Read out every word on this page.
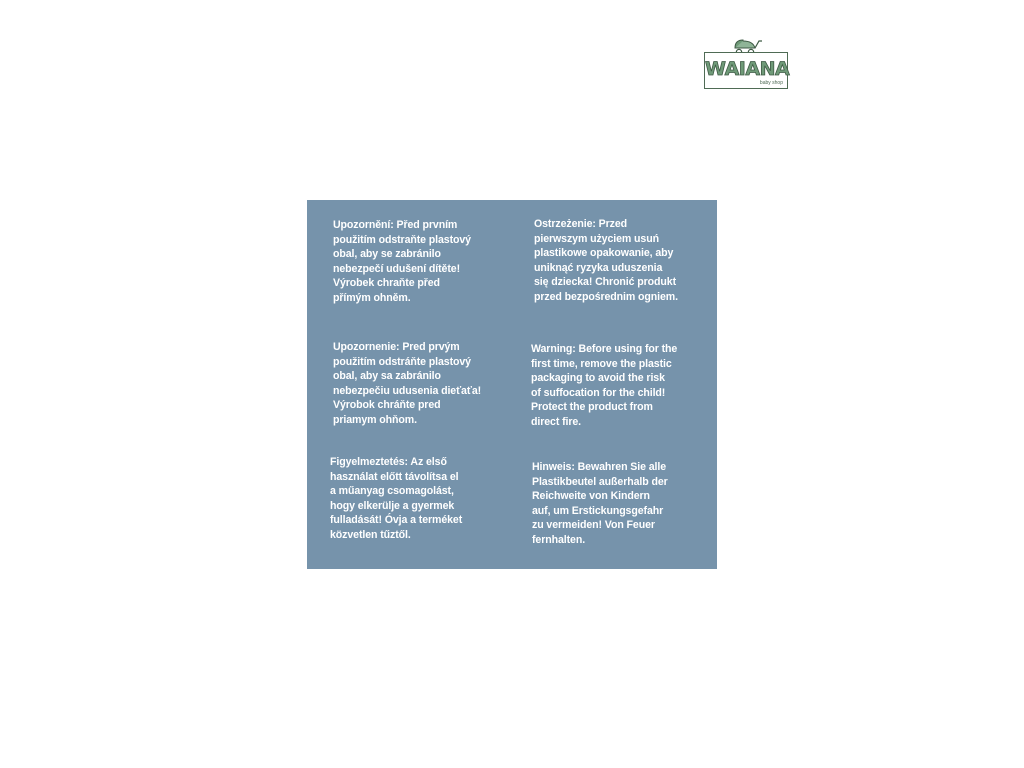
WAIANA
baby shop
Upozornění: Před prvním
použitím odstraňte plastový
obal, aby se zabránilo
nebezpečí udušení dítěte!
Výrobek chraňte před
přímým ohněm.
Ostrzeżenie: Przed
pierwszym użyciem usuń
plastikowe opakowanie, aby
uniknąć ryzyka uduszenia
się dziecka! Chronić produkt
przed bezpośrednim ogniem.
Upozornenie: Pred prvým
použitím odstráňte plastový
obal, aby sa zabránilo
nebezpečiu udusenia dieťaťa!
Výrobok chráňte pred
priamym ohňom.
Warning: Before using for the
first time, remove the plastic
packaging to avoid the risk
of suffocation for the child!
Protect the product from
direct fire.
Figyelmeztetés: Az első
használat előtt távolítsa el
a műanyag csomagolást,
hogy elkerülje a gyermek
fulladását! Óvja a terméket
közvetlen tűztől.
Hinweis: Bewahren Sie alle
Plastikbeutel außerhalb der
Reichweite von Kindern
auf, um Erstickungsgefahr
zu vermeiden! Von Feuer
fernhalten.
